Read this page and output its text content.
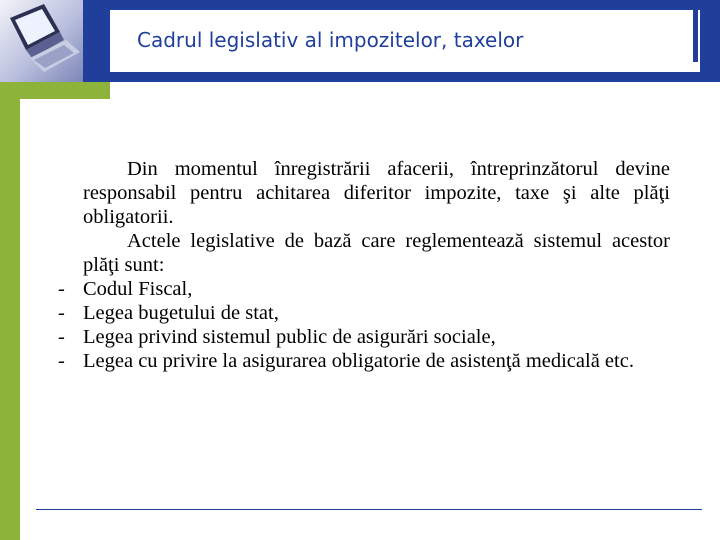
Cadrul legislativ al impozitelor, taxelor
Din momentul înregistrării afacerii, întreprinzătorul devine responsabil pentru achitarea diferitor impozite, taxe şi alte plăţi obligatorii.
Actele legislative de bază care reglementează sistemul acestor plăţi sunt:
- Codul Fiscal,
- Legea bugetului de stat,
- Legea privind sistemul public de asigurări sociale,
- Legea cu privire la asigurarea obligatorie de asistenţă medicală etc.
